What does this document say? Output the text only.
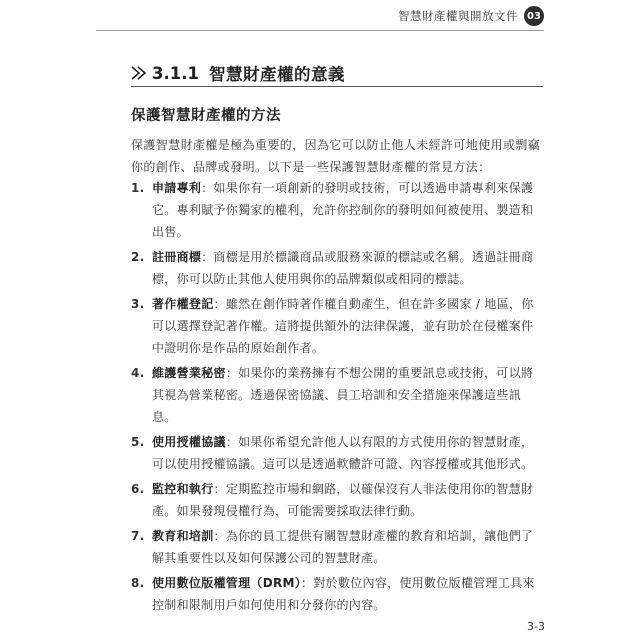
智慧財產權與開放文件 03
3.1.1 智慧財產權的意義
保護智慧財產權的方法

保護智慧財產權是極為重要的，因為它可以防止他人未經許可地使用或剽竊你的創作、品牌或發明。以下是一些保護智慧財產權的常見方法：

1. 申請專利：如果你有一項創新的發明或技術，可以透過申請專利來保護它。專利賦予你獨家的權利，允許你控制你的發明如何被使用、製造和出售。
2. 註冊商標：商標是用於標識商品或服務來源的標誌或名稱。透過註冊商標，你可以防止其他人使用與你的品牌類似或相同的標誌。
3. 著作權登記：雖然在創作時著作權自動產生，但在許多國家 / 地區，你可以選擇登記著作權。這將提供額外的法律保護，並有助於在侵權案件中證明你是作品的原始創作者。
4. 維護營業秘密：如果你的業務擁有不想公開的重要訊息或技術，可以將其視為營業秘密。透過保密協議、員工培訓和安全措施來保護這些訊息。
5. 使用授權協議：如果你希望允許他人以有限的方式使用你的智慧財產，可以使用授權協議。這可以是透過軟體許可證、內容授權或其他形式。
6. 監控和執行：定期監控市場和網路，以確保沒有人非法使用你的智慧財產。如果發現侵權行為，可能需要採取法律行動。
7. 教育和培訓：為你的員工提供有關智慧財產權的教育和培訓，讓他們了解其重要性以及如何保護公司的智慧財產。
8. 使用數位版權管理（DRM）：對於數位內容，使用數位版權管理工具來控制和限制用戶如何使用和分發你的內容。
3-3
